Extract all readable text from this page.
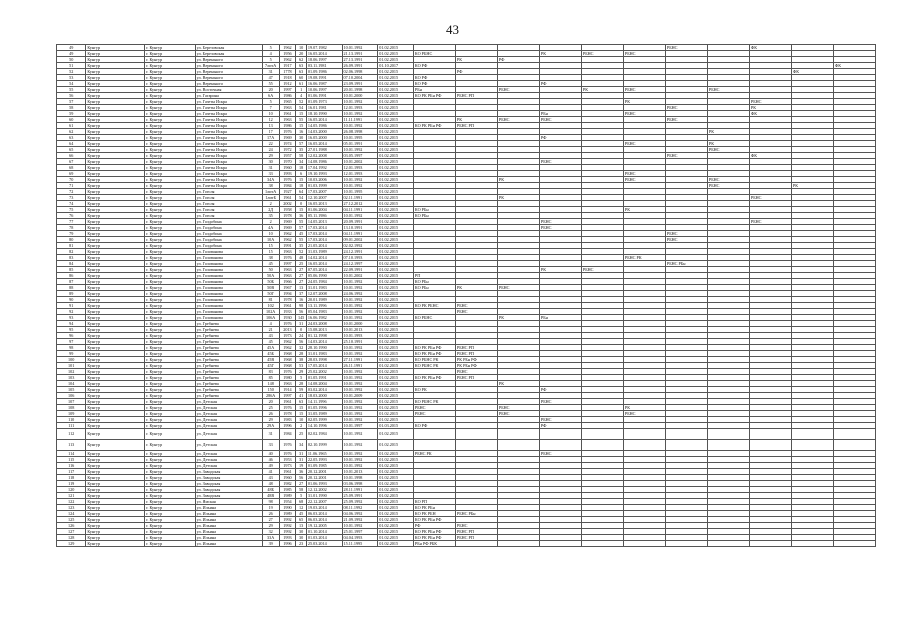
43
49	Кунгур	г. Кунгур	ул. Березовская	5	1962	10	19.07.1982	10.01.1992	01.02.2015							РБНС		ФК		
49	Кунгур	г. Кунгур	ул. Березовская	4	1956	20	16.05.2014	21.13.1991	01.02.2015	КО РБНС			РК	РБНС	РБНС					
50	Кунгур	г. Кунгур	ул. Веренького	5	1962	62	18.06.1997	27.13.1991	01.02.2015		РК	РФ								
51	Кунгур	г. Кунгур	ул. Веренького	7литА	1917	63	03.11.1981	26.09.1991	01.10.2017	КО РФ										ФК
52	Кунгур	г. Кунгур	ул. Веренького	31	1778	63	01.09.1986	02.06.1998	01.02.2015		РФ								ФК	
53	Кунгур	г. Кунгур	ул. Веренького	47	1918	60	19.08.1991	07.10.2004	01.02.2015	КО РФ										
54	Кунгур	г. Кунгур	ул. Веренького	55	1912	61	16.06.1987	23.09.1991	01.02.2015	КО РФ			РФ							
55	Кунгур	г. Кунгур	ул. Восточная	20	1997	1	10.06.1997	20.01.1998	01.02.2015	РБн		РБНС		РК	РБНС		РБНС			
56	Кунгур	г. Кунгур	ул. Гагарина	6А	1986	4	01.06.1991	10.01.2000	01.02.2015	КО РК РБн РФ	РБНС РП									
57	Кунгур	г. Кунгур	ул. Газеты Искра	5	1965	52	01.09.1973	10.01.1992	01.02.2015						РК			РБНС		
58	Кунгур	г. Кунгур	ул. Газеты Искра	7	1963	54	16.01.1981	12.01.1993	01.02.2015							РБНС		РК		
59	Кунгур	г. Кунгур	ул. Газеты Искра	10	1961	15	18.10.1990	10.01.1992	01.02.2015				РБн		РБНС			ФК		
60	Кунгур	г. Кунгур	ул. Газеты Искра	12	1963	55	16.05.2014	11.11.1991	01.02.2015		РК	РБНС	РБНС			РБНС				
61	Кунгур	г. Кунгур	ул. Газеты Искра	13	1986	15	14.05.1986	10.01.1992	01.02.2015	КО РК РБн РФ	РБНС РП									
62	Кунгур	г. Кунгур	ул. Газеты Искра	17	1976	16	14.03.2000	26.08.1998	01.02.2015								РК			
63	Кунгур	г. Кунгур	ул. Газеты Искра	17А	1969	30	16.05.2000	10.01.1995	01.02.2015				РФ							
64	Кунгур	г. Кунгур	ул. Газеты Искра	22	1974	57	16.05.2014	05.01.1991	01.02.2015						РБНС		РК			
65	Кунгур	г. Кунгур	ул. Газеты Искра	24	1972	35	27.01.1988	10.01.1992	01.02.2015								РБНС			
66	Кунгур	г. Кунгур	ул. Газеты Искра	29	1957	58	12.02.2008	03.05.1997	01.02.2015							РБНС		ФК		
67	Кунгур	г. Кунгур	ул. Газеты Искра	30	1970	34	14.08.1986	10.01.2002	01.02.2015				РБНС							
68	Кунгур	г. Кунгур	ул. Газеты Искра	31	1960	18	17.04.1992	12.01.1993	01.02.2015											
69	Кунгур	г. Кунгур	ул. Газеты Искра	33	1993	6	19.10.1993	12.01.1993	01.02.2015						РБНС					
70	Кунгур	г. Кунгур	ул. Газеты Искра	34А	1976	15	10.03.2006	10.01.1992	01.02.2015			РК			РБНС		РБНС			
71	Кунгур	г. Кунгур	ул. Газеты Искра	38	1984	18	01.03.1999	10.01.1992	01.02.2015								РБНС		РК	
72	Кунгур	г. Кунгур	ул. Гоголя	1литА	1927	64	17.03.2007	10.01.1995	01.02.2015											
73	Кунгур	г. Кунгур	ул. Гоголя	1литБ	1961	54	12.10.2007	02.11.1991	01.02.2015			РК						РБНС		
74	Кунгур	г. Кунгур	ул. Гоголя	2	2002	0	16.05.2013	27.12.2012	01.02.2015											
75	Кунгур	г. Кунгур	ул. Гоголя	2Д	1958	15	01.06.2004	04.11.1991	01.02.2015	КО РБн					РК					
76	Кунгур	г. Кунгур	ул. Гоголя	35	1978	36	05.11.1986	10.01.1992	01.02.2015	КО РБн										
77	Кунгур	г. Кунгур	ул. Голдобина	2	1969	55	14.05.2013	20.09.1991	01.02.2015				РБНС					РБНС		
78	Кунгур	г. Кунгур	ул. Голдобина	4А	1969	57	17.03.2014	13.10.1991	01.02.2015				РБНС							
79	Кунгур	г. Кунгур	ул. Голдобина	10	1962	45	17.03.2014	04.11.1991	01.02.2015							РБНС				
80	Кунгур	г. Кунгур	ул. Голдобина	10А	1962	55	17.03.2014	09.01.2002	01.02.2015							РБНС				
81	Кунгур	г. Кунгур	ул. Голдобина	15	1991	35	21.05.2014	02.02.1992	01.02.2015											
82	Кунгур	г. Кунгур	ул. Голованова	15	1963	52	31.03.1989	24.12.1991	01.02.2015											
83	Кунгур	г. Кунгур	ул. Голованова	38	1976	48	14.02.2014	07.10.1993	01.02.2015						РБНС РК					
84	Кунгур	г. Кунгур	ул. Голованова	45	1997	25	16.05.2014	24.12.1997	01.02.2015							РБНС РБн				
85	Кунгур	г. Кунгур	ул. Голованова	50	1963	27	07.05.2014	22.09.1991	01.02.2015				РК	РБНС						
86	Кунгур	г. Кунгур	ул. Голованова	50А	1963	27	05.06.1990	10.01.2002	01.02.2015	РП										
87	Кунгур	г. Кунгур	ул. Голованова	50Б	1966	27	24.05.1984	10.01.1992	01.02.2015	КО РБн										
88	Кунгур	г. Кунгур	ул. Голованова	50В	1967	13	31.01.1983	10.01.1992	01.02.2015	КО РБн	РК	РБНС								
89	Кунгур	г. Кунгур	ул. Голованова	50Г	1994	37	12.07.2008	24.06.1992	01.02.2015											
90	Кунгур	г. Кунгур	ул. Голованова	81	1978	16	20.01.1989	10.01.1992	01.02.2015											
91	Кунгур	г. Кунгур	ул. Голованова	102	1961	98	13.11.1996	10.01.1992	01.02.2015	КО РК РБНС	РБНС									
92	Кунгур	г. Кунгур	ул. Голованова	102А	1933	56	05.04.1983	10.01.1992	01.02.2015		РБНС									
93	Кунгур	г. Кунгур	ул. Голованова	106А	1930	145	16.06.1982	10.01.1992	01.02.2015	КО РБНС		РК	РБн							
94	Кунгур	г. Кунгур	ул. Гребнева	4	1976	31	24.03.2008	10.01.2000	01.02.2015											
95	Кунгур	г. Кунгур	ул. Гребнева	21	2013	0	15.08.2013	10.01.2013	01.02.2015											
96	Кунгур	г. Кунгур	ул. Гребнева	43	1973	24	01.12.1998	10.01.1993	01.02.2015											
97	Кунгур	г. Кунгур	ул. Гребнева	45	1962	56	14.03.2014	25.10.1991	01.02.2015											
98	Кунгур	г. Кунгур	ул. Гребнева	45А	1962	32	28.10.1990	10.01.1992	01.02.2015	КО РК РБн РФ	РБНС РП									
99	Кунгур	г. Кунгур	ул. Гребнева	45Б	1968	28	31.01.1983	10.01.1992	01.02.2015	КО РК РБн РФ	РБНС РП									
100	Кунгур	г. Кунгур	ул. Гребнева	45В	1968	38	28.03.1998	27.11.1991	01.02.2015	КО РБНС РК	РК РБн РФ									
101	Кунгур	г. Кунгур	ул. Гребнева	45Г	1968	53	17.05.2014	26.11.1991	01.02.2015	КО РБНС РК	РК РБн РФ									
102	Кунгур	г. Кунгур	ул. Гребнева	83	1976	29	25.02.2002	10.01.1992	01.02.2015		РБНС									
103	Кунгур	г. Кунгур	ул. Гребнева	85	1980	5	01.05.1991	10.01.1992	01.02.2015	КО РК РБн РФ	РБНС РП									
104	Кунгур	г. Кунгур	ул. Гребнева	148	1963	28	14.08.2004	10.01.1992	01.02.2015			РК								
105	Кунгур	г. Кунгур	ул. Гребнева	150	1914	59	03.02.2014	10.01.1992	01.02.2015	КО РК			РФ							
106	Кунгур	г. Кунгур	ул. Гребнева	286А	1997	41	18.03.2000	10.01.2009	01.02.2015											
107	Кунгур	г. Кунгур	ул. Детская	20	1961	63	14.11.1996	10.01.1992	01.02.2015	КО РБНС РК			РБНС							
108	Кунгур	г. Кунгур	ул. Детская	25	1976	15	01.05.1996	10.01.1992	01.02.2015	РБНС		РБНС			РК					
109	Кунгур	г. Кунгур	ул. Детская	26	1978	15	31.05.1989	10.01.1992	01.02.2015	РБНС		РБНС			РБНС					
110	Кунгур	г. Кунгур	ул. Детская	29	1983	10	02.05.1999	10.01.1992	01.02.2015				РБНС							
111	Кунгур	г. Кунгур	ул. Детская	29А	1996	2	14.10.1996	10.01.1997	01.03.2015	КО РФ			РФ							
112	Кунгур	г. Кунгур	ул. Детская	31	1984	25	02.02.1984	10.01.1992	01.02.2015											
113	Кунгур	г. Кунгур	ул. Детская	33	1976	34	02.10.1999	10.01.1992	01.02.2015											
114	Кунгур	г. Кунгур	ул. Детская	40	1976	31	11.06.1965	10.01.1992	01.02.2015	РБНС РК			РБНС							
115	Кунгур	г. Кунгур	ул. Детская	46	1953	31	22.05.1993	10.01.1992	01.02.2015											
116	Кунгур	г. Кунгур	ул. Детская	49	1973	19	01.09.1985	10.01.1992	01.02.2015											
117	Кунгур	г. Кунгур	ул. Заводская	41	1961	36	20.12.2001	10.01.2013	01.02.2015											
118	Кунгур	г. Кунгур	ул. Заводская	43	1960	56	20.12.2001	10.01.1998	01.02.2015											
119	Кунгур	г. Кунгур	ул. Заводская	48	1982	27	01.06.1993	03.06.1998	01.02.2015											
120	Кунгур	г. Кунгур	ул. Заводская	48Б	1985	58	12.12.2002	28.11.1991	01.02.2015											
121	Кунгур	г. Кунгур	ул. Заводская	48В	1989	5	31.01.1990	25.09.1991	01.02.2015											
122	Кунгур	г. Кунгур	ул. Ямская	98	1954	68	22.12.2007	25.09.1992	01.02.2015	КО РП										
123	Кунгур	г. Кунгур	ул. Ильина	19	1990	12	19.03.2014	08.11.1992	01.02.2015	КО РК РБн										
124	Кунгур	г. Кунгур	ул. Ильина	26	1989	45	06.03.2014	04.06.1992	01.02.2015	КО РК РБН	РБНС РБн									
125	Кунгур	г. Кунгур	ул. Ильина	27	1992	65	06.03.2014	21.09.1992	01.02.2015	КО РК РБн РФ										
126	Кунгур	г. Кунгур	ул. Ильина	29	1992	13	19.12.2005	10.01.1992	01.02.2015	РФ	РБНС									
127	Кунгур	г. Кунгур	ул. Ильина	32	1992	30	01.10.2014	25.01.1997	01.02.2015	КО РК РБн РФ	РБНС РП									
128	Кунгур	г. Кунгур	ул. Ильина	33А	1993	30	01.03.2014	04.04.1993	01.02.2015	КО РК РБн РФ	РБНС РП									
129	Кунгур	г. Кунгур	ул. Ильина	39	1996	23	25.03.2014	15.11.1995	01.02.2015	РБн РФ РБК										
